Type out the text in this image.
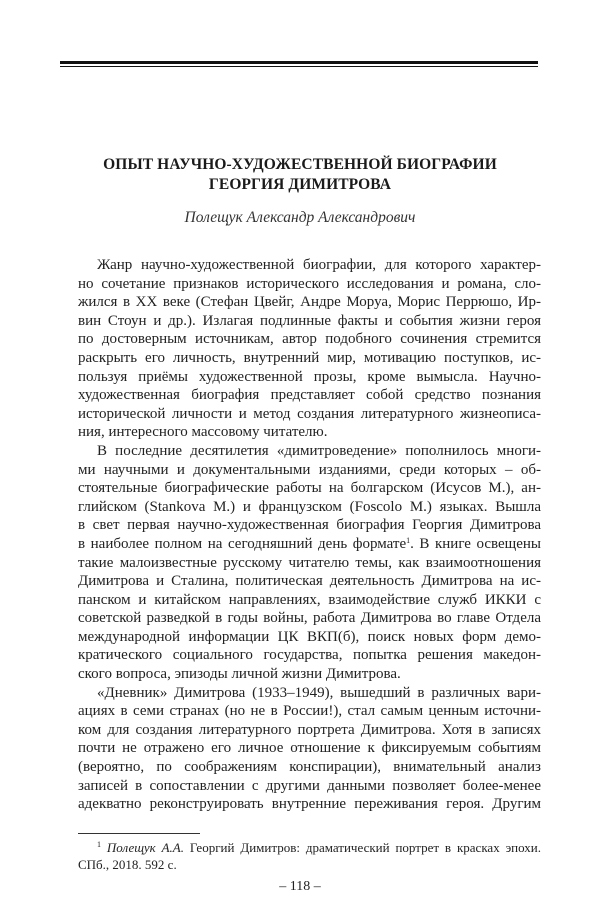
ОПЫТ НАУЧНО-ХУДОЖЕСТВЕННОЙ БИОГРАФИИ
ГЕОРГИЯ ДИМИТРОВА
Полещук Александр Александрович
Жанр научно-художественной биографии, для которого характер-
но сочетание признаков исторического исследования и романа, сло-
жился в XX веке (Стефан Цвейг, Андре Моруа, Морис Перрюшо, Ир-
вин Стоун и др.). Излагая подлинные факты и события жизни героя
по достоверным источникам, автор подобного сочинения стремится
раскрыть его личность, внутренний мир, мотивацию поступков, ис-
пользуя приёмы художественной прозы, кроме вымысла. Научно-
художественная биография представляет собой средство познания
исторической личности и метод создания литературного жизнеописа-
ния, интересного массовому читателю.
В последние десятилетия «димитроведение» пополнилось многи-
ми научными и документальными изданиями, среди которых – об-
стоятельные биографические работы на болгарском (Исусов М.), ан-
глийском (Stankova M.) и французском (Foscolo M.) языках. Вышла
в свет первая научно-художественная биография Георгия Димитрова
в наиболее полном на сегодняшний день формате$^1$. В книге освещены
такие малоизвестные русскому читателю темы, как взаимоотношения
Димитрова и Сталина, политическая деятельность Димитрова на ис-
панском и китайском направлениях, взаимодействие служб ИККИ с
советской разведкой в годы войны, работа Димитрова во главе Отдела
международной информации ЦК ВКП(б), поиск новых форм демо-
кратического социального государства, попытка решения македон-
ского вопроса, эпизоды личной жизни Димитрова.
«Дневник» Димитрова (1933–1949), вышедший в различных вари-
ациях в семи странах (но не в России!), стал самым ценным источни-
ком для создания литературного портрета Димитрова. Хотя в записях
почти не отражено его личное отношение к фиксируемым событиям
(вероятно, по соображениям конспирации), внимательный анализ
записей в сопоставлении с другими данными позволяет более-менее
адекватно реконструировать внутренние переживания героя. Другим
$^1$ Полещук А.А. Георгий Димитров: драматический портрет в красках эпохи.
СПб., 2018. 592 с.
– 118 –
